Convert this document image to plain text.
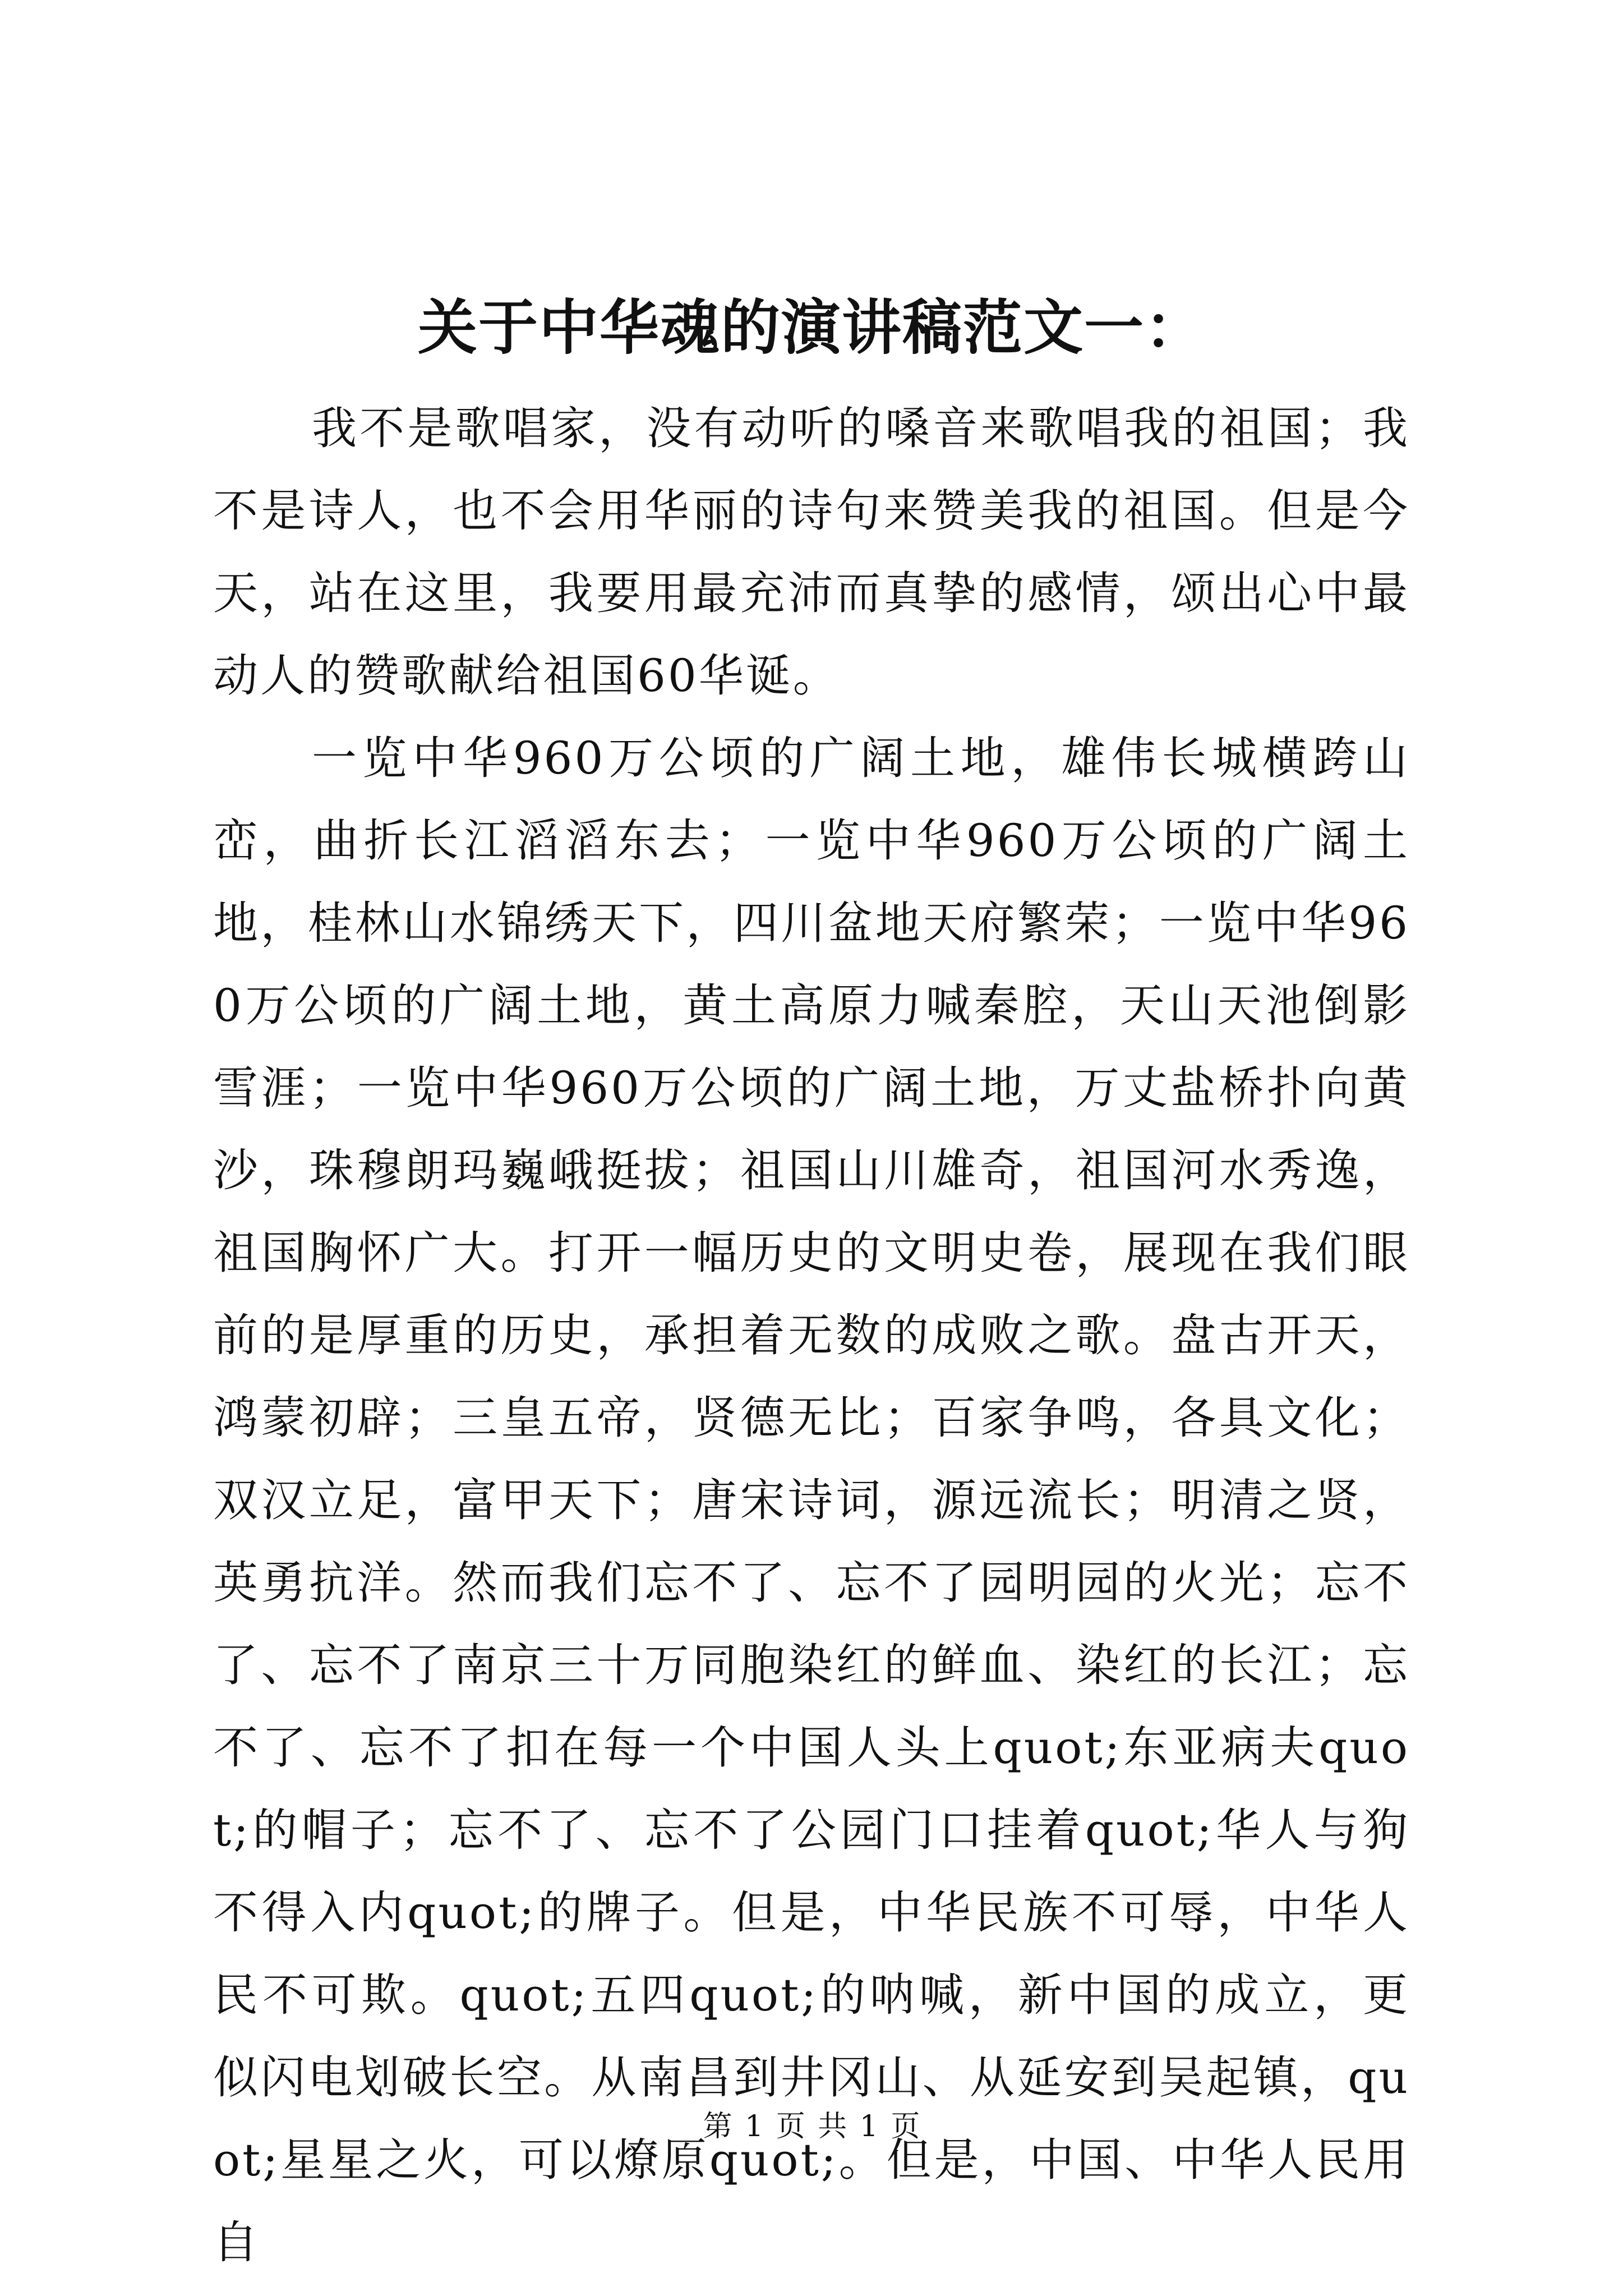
关于中华魂的演讲稿范文一：

我不是歌唱家，没有动听的嗓音来歌唱我的祖国；我不是诗人，也不会用华丽的诗句来赞美我的祖国。但是今天，站在这里，我要用最充沛而真挚的感情，颂出心中最动人的赞歌献给祖国60华诞。

一览中华960万公顷的广阔土地，雄伟长城横跨山峦，曲折长江滔滔东去；一览中华960万公顷的广阔土地，桂林山水锦绣天下，四川盆地天府繁荣；一览中华960万公顷的广阔土地，黄土高原力喊秦腔，天山天池倒影雪涯；一览中华960万公顷的广阔土地，万丈盐桥扑向黄沙，珠穆朗玛巍峨挺拔；祖国山川雄奇，祖国河水秀逸，祖国胸怀广大。打开一幅历史的文明史卷，展现在我们眼前的是厚重的历史，承担着无数的成败之歌。盘古开天，鸿蒙初辟；三皇五帝，贤德无比；百家争鸣，各具文化；双汉立足，富甲天下；唐宋诗词，源远流长；明清之贤，英勇抗洋。然而我们忘不了、忘不了园明园的火光；忘不了、忘不了南京三十万同胞染红的鲜血、染红的长江；忘不了、忘不了扣在每一个中国人头上quot;东亚病夫quot;的帽子；忘不了、忘不了公园门口挂着quot;华人与狗不得入内quot;的牌子。但是，中华民族不可辱，中华人民不可欺。quot;五四quot;的呐喊，新中国的成立，更似闪电划破长空。从南昌到井冈山、从延安到吴起镇，quot;星星之火，可以燎原quot;。但是，中国、中华人民用自

第 1 页 共 1 页
